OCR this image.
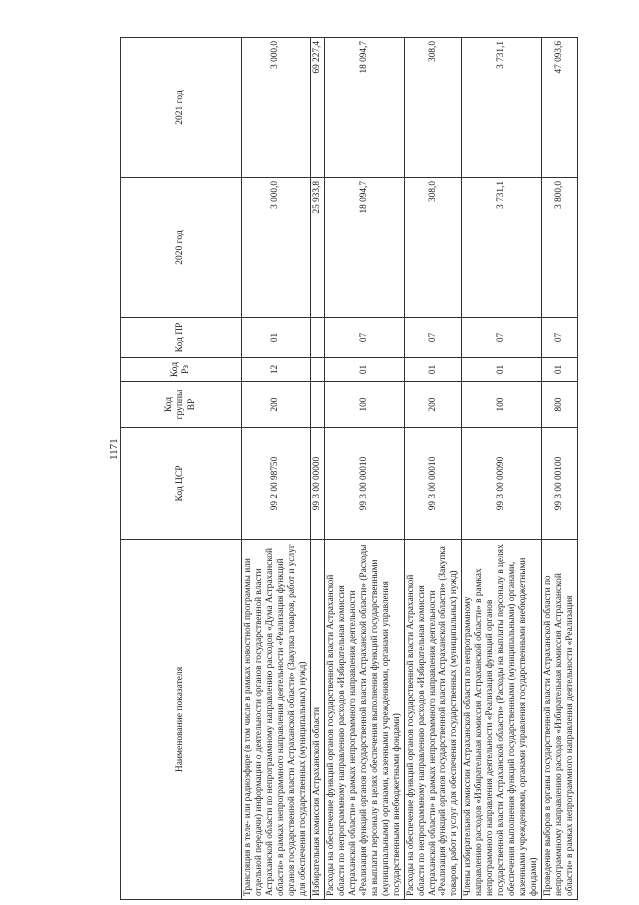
1171
Наименование показателя	Код ЦСР	Код группы ВР	Код Рз	Код ПР	2020 год	2021 год
Трансляция в теле- или радиоэфире (в том числе в рамках новостной программы или отдельной передачи) информации о деятельности органов государственной власти Астраханской области по непрограммному направлению расходов «Дума Астраханской области» в рамках непрограммного направления деятельности «Реализация функций органов государственной власти Астраханской области» (Закупка товаров, работ и услуг для обеспечения государственных (муниципальных) нужд)	99 2 00 98750	200	12	01	3 000,0	3 000,0
Избирательная комиссия Астраханской области	99 3 00 00000				25 933,8	69 227,4
Расходы на обеспечение функций органов государственной власти Астраханской области по непрограммному направлению расходов «Избирательная комиссия Астраханской области» в рамках непрограммного направления деятельности «Реализация функций органов государственной власти Астраханской области» (Расходы на выплаты персоналу в целях обеспечения выполнения функций государственными (муниципальными) органами, казенными учреждениями, органами управления государственными внебюджетными фондами)	99 3 00 00010	100	01	07	18 094,7	18 094,7
Расходы на обеспечение функций органов государственной власти Астраханской области по непрограммному направлению расходов «Избирательная комиссия Астраханской области» в рамках непрограммного направления деятельности «Реализация функций органов государственной власти Астраханской области» (Закупка товаров, работ и услуг для обеспечения государственных (муниципальных) нужд)	99 3 00 00010	200	01	07	308,0	308,0
Члены избирательной комиссии Астраханской области по непрограммному направлению расходов «Избирательная комиссия Астраханской области» в рамках непрограммного направления деятельности «Реализация функций органов государственной власти Астраханской области» (Расходы на выплаты персоналу в целях обеспечения выполнения функций государственными (муниципальными) органами, казенными учреждениями, органами управления государственными внебюджетными фондами)	99 3 00 00090	100	01	07	3 731,1	3 731,1
Проведение выборов в органы государственной власти Астраханской области по непрограммному направлению расходов «Избирательная комиссия Астраханской области» в рамках непрограммного направления деятельности «Реализация	99 3 00 00100	800	01	07	3 800,0	47 093,6
